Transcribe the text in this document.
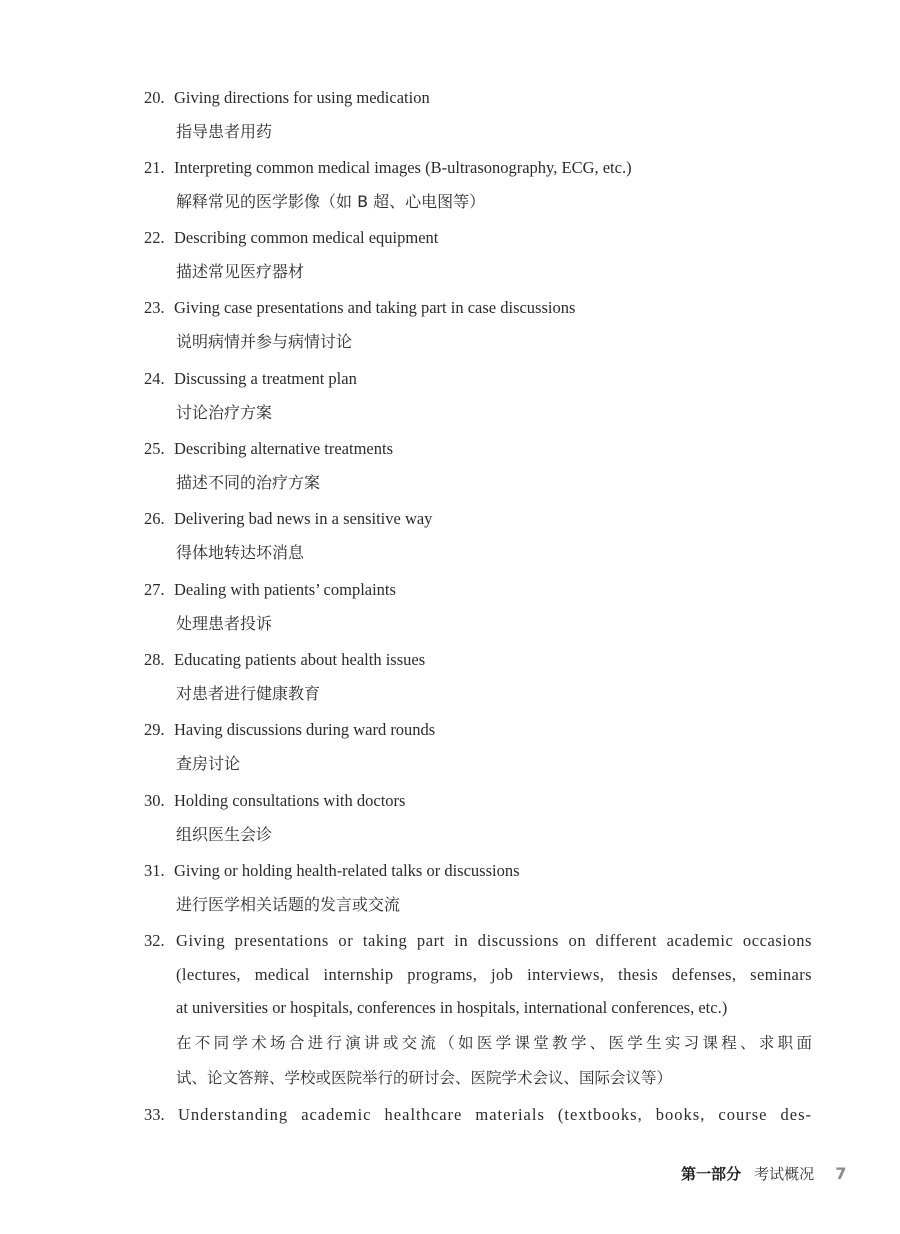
20. Giving directions for using medication
指导患者用药
21. Interpreting common medical images (B-ultrasonography, ECG, etc.)
解释常见的医学影像（如 B 超、心电图等）
22. Describing common medical equipment
描述常见医疗器材
23. Giving case presentations and taking part in case discussions
说明病情并参与病情讨论
24. Discussing a treatment plan
讨论治疗方案
25. Describing alternative treatments
描述不同的治疗方案
26. Delivering bad news in a sensitive way
得体地转达坏消息
27. Dealing with patients’ complaints
处理患者投诉
28. Educating patients about health issues
对患者进行健康教育
29. Having discussions during ward rounds
查房讨论
30. Holding consultations with doctors
组织医生会诊
31. Giving or holding health-related talks or discussions
进行医学相关话题的发言或交流
32. Giving presentations or taking part in discussions on different academic occasions
(lectures, medical internship programs, job interviews, thesis defenses, seminars
at universities or hospitals, conferences in hospitals, international conferences, etc.)
在不同学术场合进行演讲或交流（如医学课堂教学、医学生实习课程、求职面
试、论文答辩、学校或医院举行的研讨会、医院学术会议、国际会议等）
33. Understanding academic healthcare materials (textbooks, books, course des-
第一部分 考试概况 7
